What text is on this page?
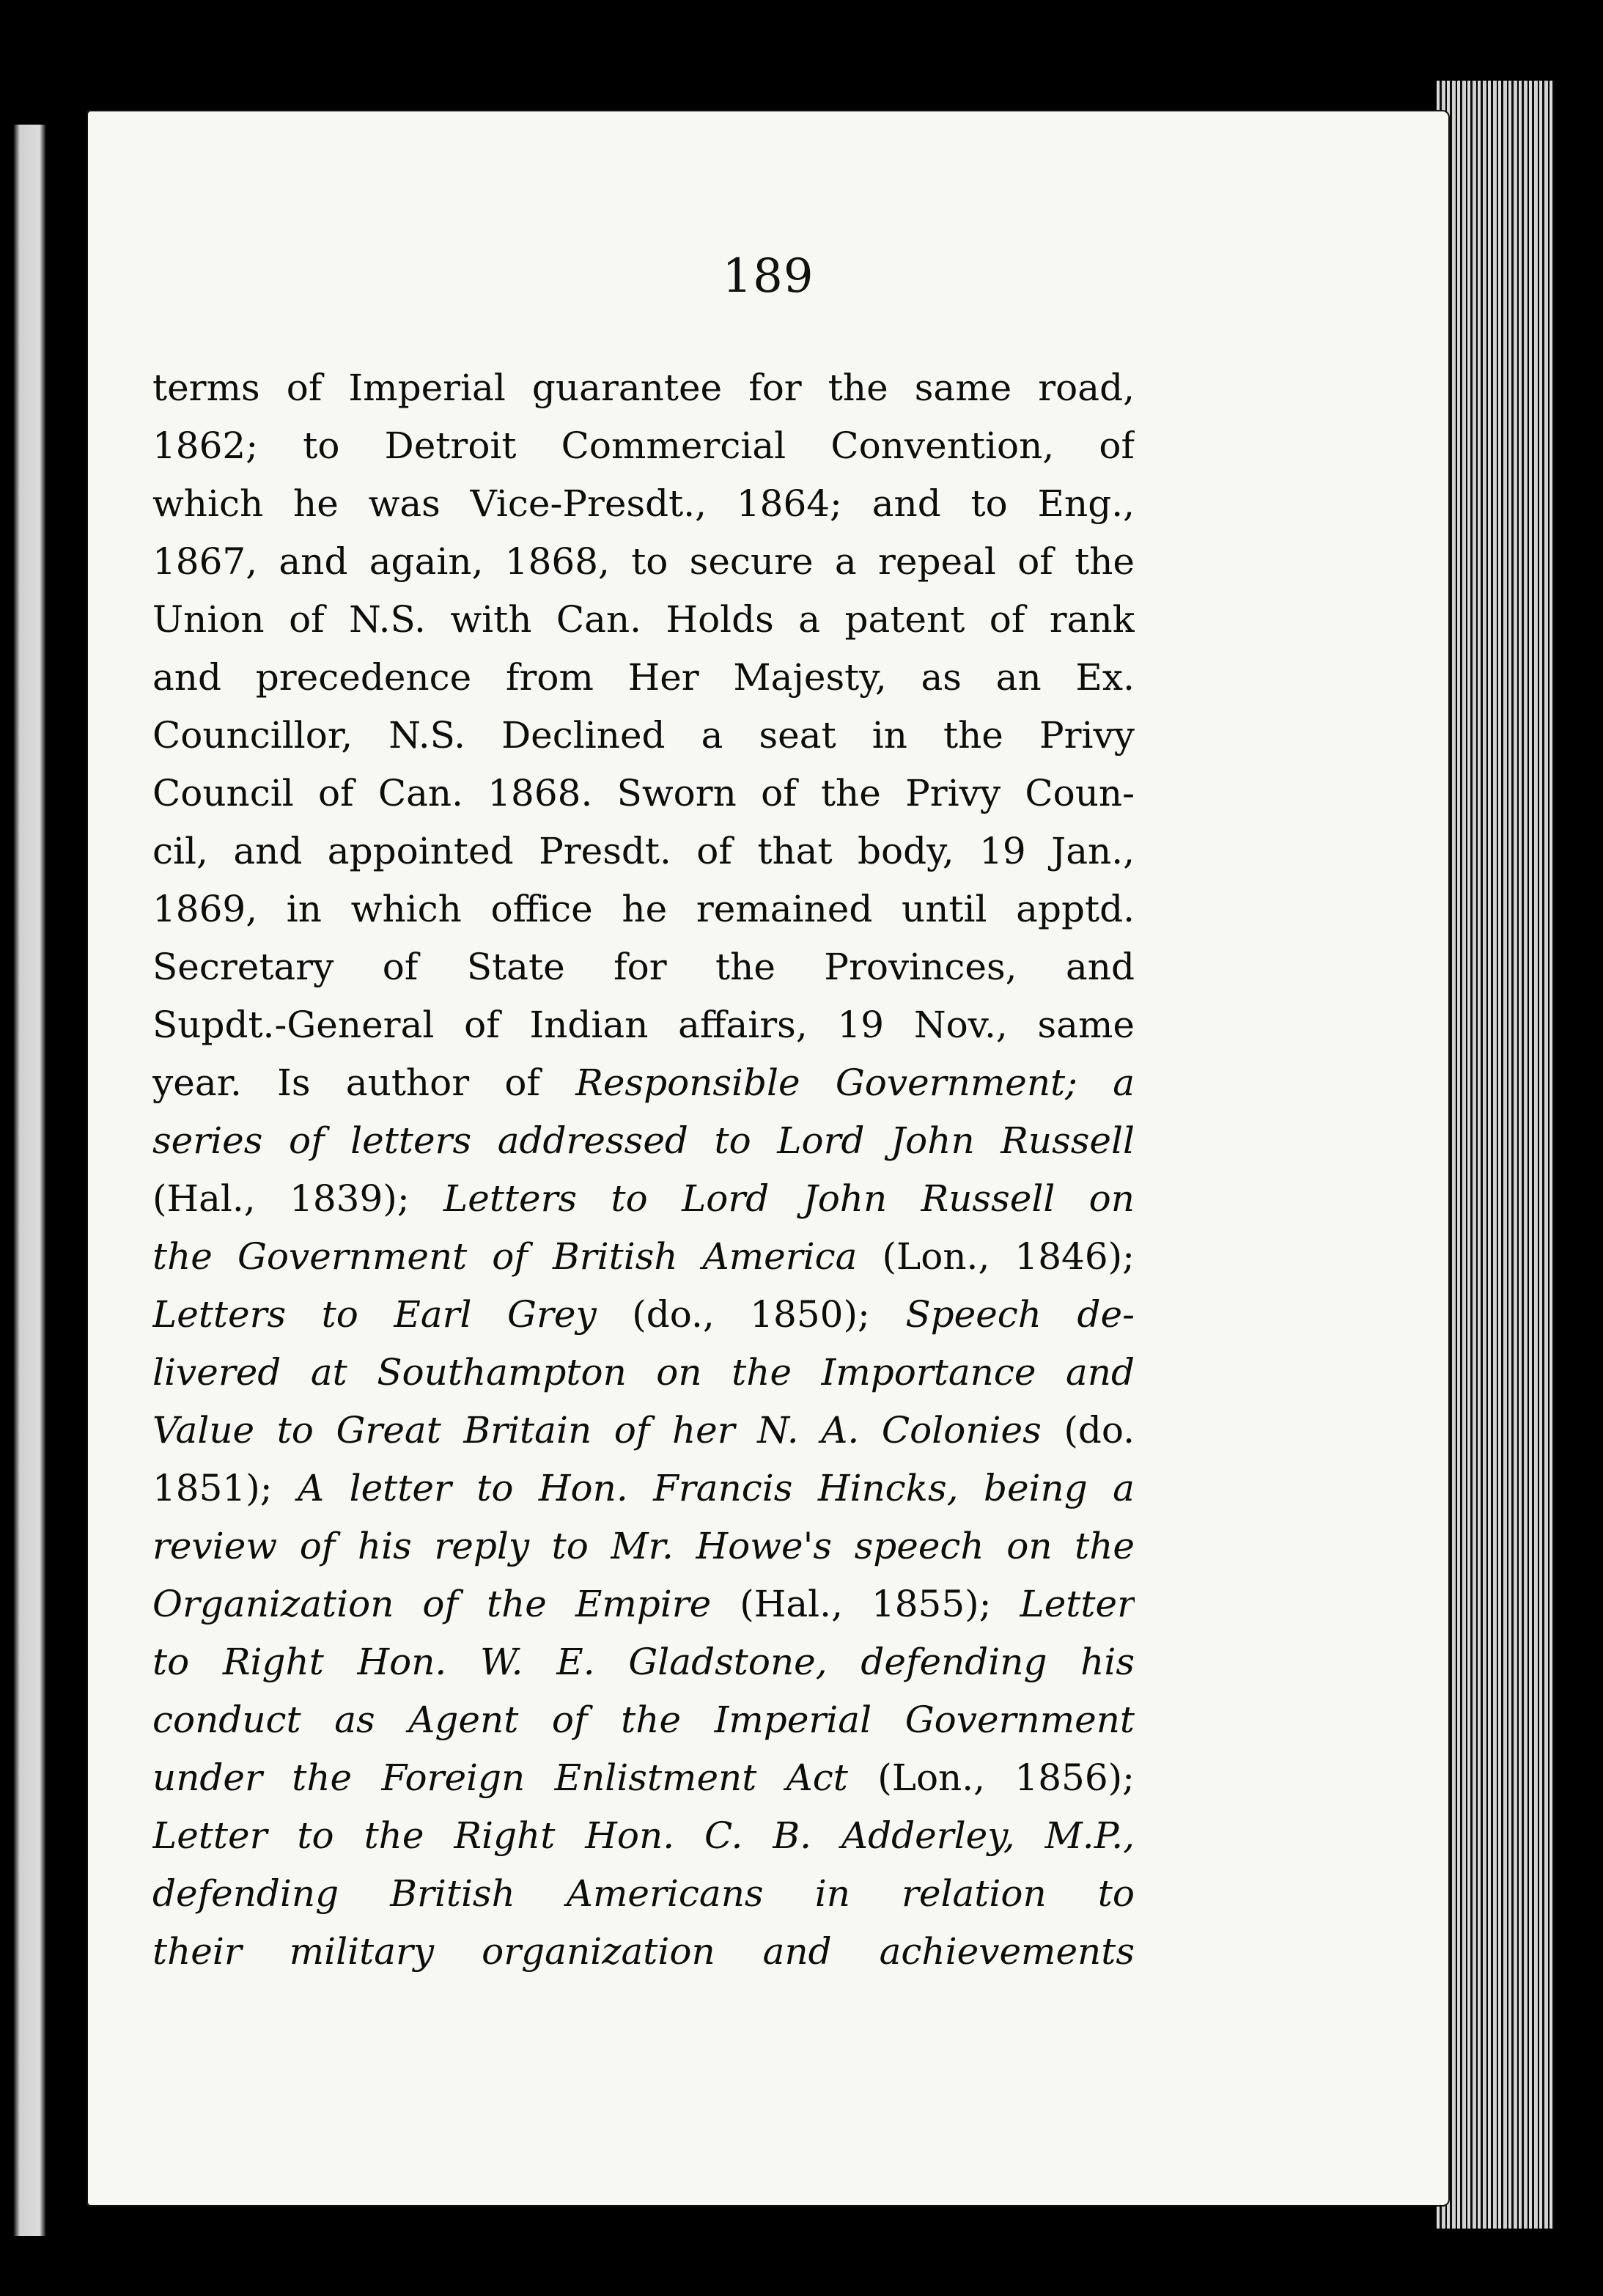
189
terms of Imperial guarantee for the same road,
1862; to Detroit Commercial Convention, of
which he was Vice-Presdt., 1864; and to Eng.,
1867, and again, 1868, to secure a repeal of the
Union of N.S. with Can. Holds a patent of rank
and precedence from Her Majesty, as an Ex.
Councillor, N.S. Declined a seat in the Privy
Council of Can. 1868. Sworn of the Privy Coun-
cil, and appointed Presdt. of that body, 19 Jan.,
1869, in which office he remained until apptd.
Secretary of State for the Provinces, and
Supdt.-General of Indian affairs, 19 Nov., same
year. Is author of Responsible Government; a
series of letters addressed to Lord John Russell
(Hal., 1839); Letters to Lord John Russell on
the Government of British America (Lon., 1846);
Letters to Earl Grey (do., 1850); Speech de-
livered at Southampton on the Importance and
Value to Great Britain of her N. A. Colonies (do.
1851); A letter to Hon. Francis Hincks, being a
review of his reply to Mr. Howe's speech on the
Organization of the Empire (Hal., 1855); Letter
to Right Hon. W. E. Gladstone, defending his
conduct as Agent of the Imperial Government
under the Foreign Enlistment Act (Lon., 1856);
Letter to the Right Hon. C. B. Adderley, M.P.,
defending British Americans in relation to
their military organization and achievements
